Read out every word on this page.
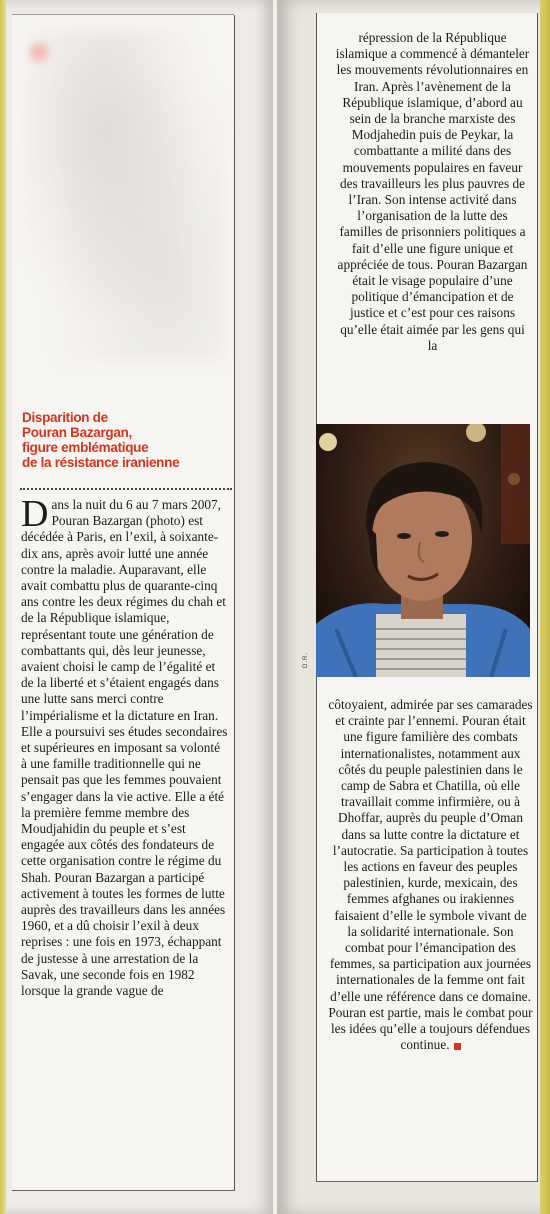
Disparition de
Pouran Bazargan,
figure emblématique
de la résistance iranienne

Dans la nuit du 6 au 7 mars 2007, Pouran Bazargan (photo) est décédée à Paris, en l’exil, à soixante-dix ans, après avoir lutté une année contre la maladie. Auparavant, elle avait combattu plus de quarante-cinq ans contre les deux régimes du chah et de la République islamique, représentant toute une génération de combattants qui, dès leur jeunesse, avaient choisi le camp de l’égalité et de la liberté et s’étaient engagés dans une lutte sans merci contre l’impérialisme et la dictature en Iran.

Elle a poursuivi ses études secondaires et supérieures en imposant sa volonté à une famille traditionnelle qui ne pensait pas que les femmes pouvaient s’engager dans la vie active. Elle a été la première femme membre des Moudjahidin du peuple et s’est engagée aux côtés des fondateurs de cette organisation contre le régime du Shah. Pouran Bazargan a participé activement à toutes les formes de lutte auprès des travailleurs dans les années 1960, et a dû choisir l’exil à deux reprises : une fois en 1973, échappant de justesse à une arrestation de la Savak, une seconde fois en 1982 lorsque la grande vague de

répression de la République islamique a commencé à démanteler les mouvements révolutionnaires en Iran. Après l’avènement de la République islamique, d’abord au sein de la branche marxiste des Modjahedin puis de Peykar, la combattante a milité dans des mouvements populaires en faveur des travailleurs les plus pauvres de l’Iran. Son intense activité dans l’organisation de la lutte des familles de prisonniers politiques a fait d’elle une figure unique et appréciée de tous. Pouran Bazargan était le visage populaire d’une politique d’émancipation et de justice et c’est pour ces raisons qu’elle était aimée par les gens qui la

D.R.

côtoyaient, admirée par ses camarades et crainte par l’ennemi. Pouran était une figure familière des combats internationalistes, notamment aux côtés du peuple palestinien dans le camp de Sabra et Chatilla, où elle travaillait comme infirmière, ou à Dhoffar, auprès du peuple d’Oman dans sa lutte contre la dictature et l’autocratie. Sa participation à toutes les actions en faveur des peuples palestinien, kurde, mexicain, des femmes afghanes ou irakiennes faisaient d’elle le symbole vivant de la solidarité internationale. Son combat pour l’émancipation des femmes, sa participation aux journées internationales de la femme ont fait d’elle une référence dans ce domaine. Pouran est partie, mais le combat pour les idées qu’elle a toujours défendues continue.
